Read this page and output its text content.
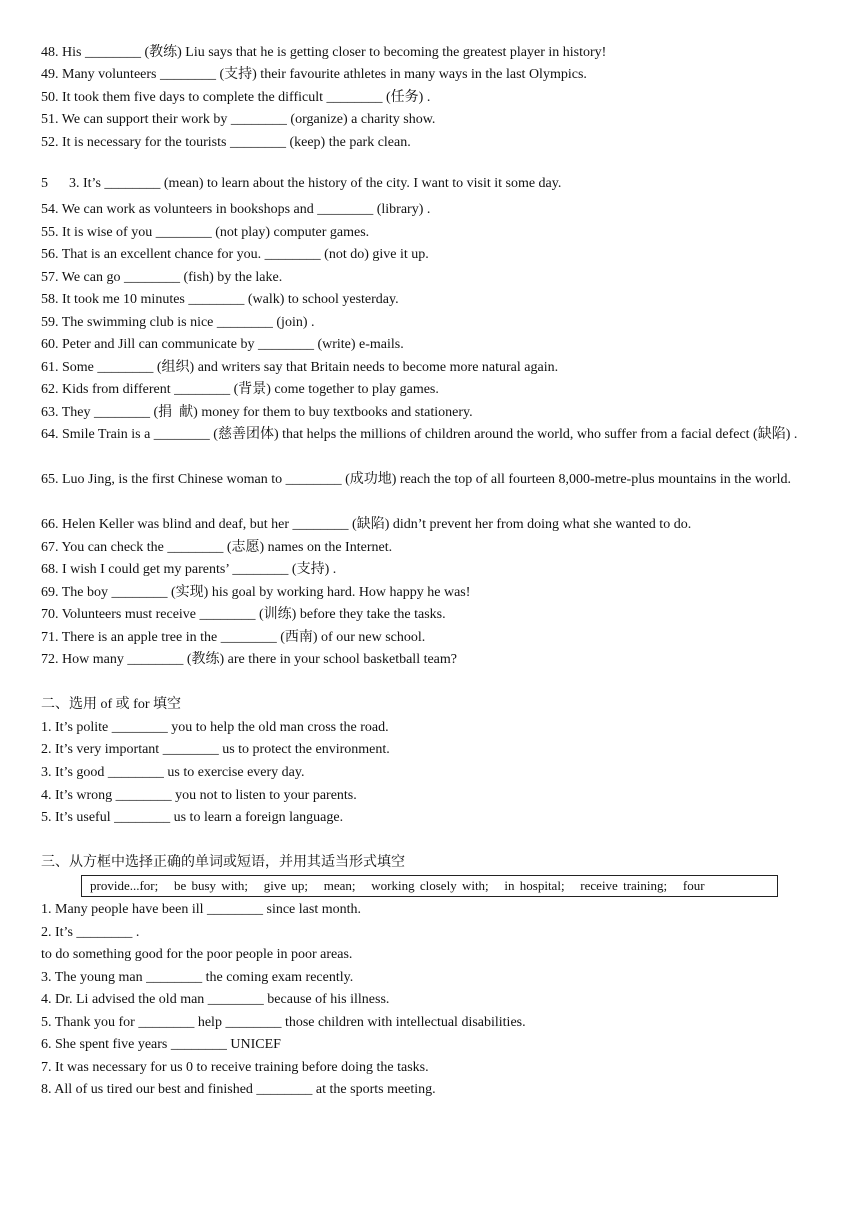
48. His ________ (教练) Liu says that he is getting closer to becoming the greatest player in history!
49. Many volunteers ________ (支持) their favourite athletes in many ways in the last Olympics.
50. It took them five days to complete the difficult ________ (任务) .
51. We can support their work by ________ (organize) a charity show.
52. It is necessary for the tourists ________ (keep) the park clean.
5      3. It’s ________ (mean) to learn about the history of the city. I want to visit it some day.
54. We can work as volunteers in bookshops and ________ (library) .
55. It is wise of you ________ (not play) computer games.
56. That is an excellent chance for you. ________ (not do) give it up.
57. We can go ________ (fish) by the lake.
58. It took me 10 minutes ________ (walk) to school yesterday.
59. The swimming club is nice ________ (join) .
60. Peter and Jill can communicate by ________ (write) e-mails.
61. Some ________ (组织) and writers say that Britain needs to become more natural again.
62. Kids from different ________ (背景) come together to play games.
63. They ________ (捐  献) money for them to buy textbooks and stationery.
64. Smile Train is a ________ (慈善团体) that helps the millions of children around the world, who suffer from a facial defect (缺陷) .
65. Luo Jing, is the first Chinese woman to ________ (成功地) reach the top of all fourteen 8,000-metre-plus mountains in the world.
66. Helen Keller was blind and deaf, but her ________ (缺陷) didn’t prevent her from doing what she wanted to do.
67. You can check the ________ (志愿) names on the Internet.
68. I wish I could get my parents’ ________ (支持) .
69. The boy ________ (实现) his goal by working hard. How happy he was!
70. Volunteers must receive ________ (训练) before they take the tasks.
71. There is an apple tree in the ________ (西南) of our new school.
72. How many ________ (教练) are there in your school basketball team?
二、选用 of 或 for 填空
1. It’s polite ________ you to help the old man cross the road.
2. It’s very important ________ us to protect the environment.
3. It’s good ________ us to exercise every day.
4. It’s wrong ________ you not to listen to your parents.
5. It’s useful ________ us to learn a foreign language.
三、从方框中选择正确的单词或短语，并用其适当形式填空
provide...for;   be busy with;   give up;   mean;   working closely with;   in hospital;   receive training;   four
1. Many people have been ill ________ since last month.
2. It’s ________ .
to do something good for the poor people in poor areas.
3. The young man ________ the coming exam recently.
4. Dr. Li advised the old man ________ because of his illness.
5. Thank you for ________ help ________ those children with intellectual disabilities.
6. She spent five years ________ UNICEF
7. It was necessary for us 0 to receive training before doing the tasks.
8. All of us tired our best and finished ________ at the sports meeting.
